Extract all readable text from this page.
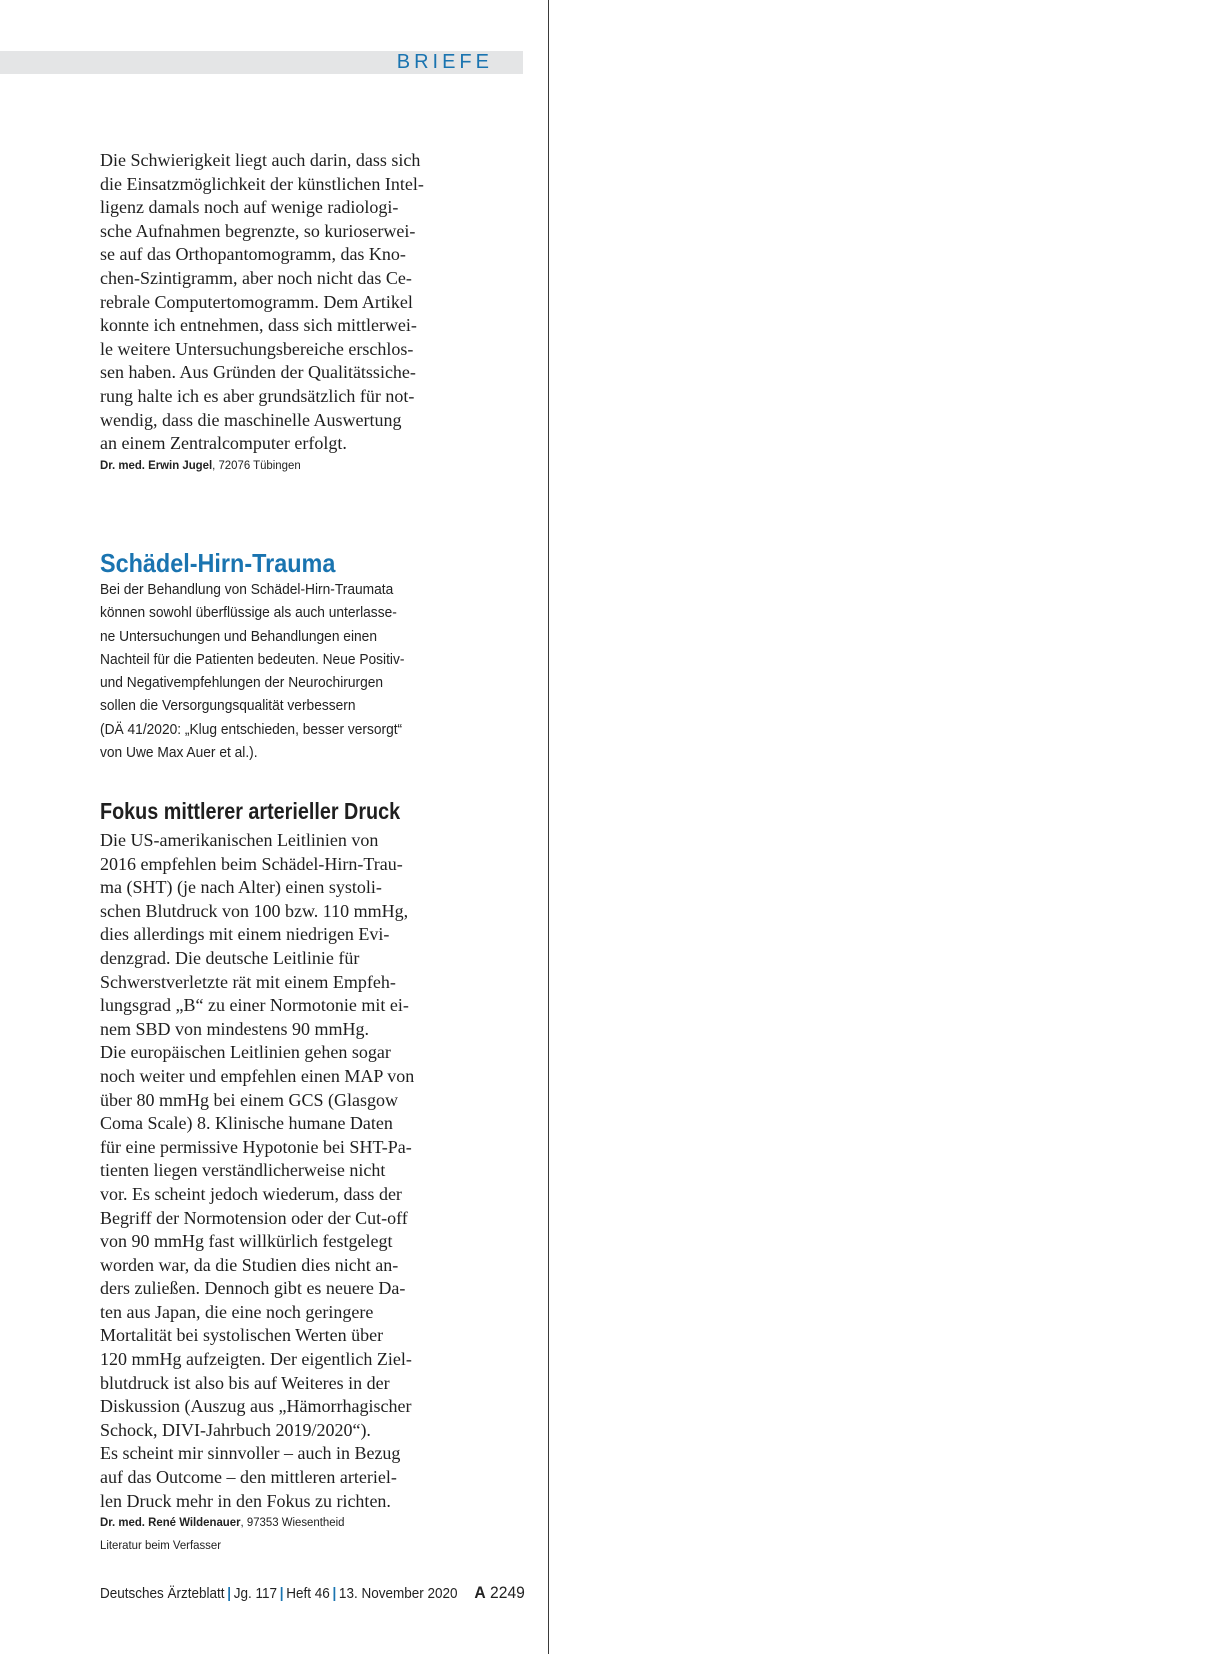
BRIEFE
Die Schwierigkeit liegt auch darin, dass sich
die Einsatzmöglichkeit der künstlichen Intel-
ligenz damals noch auf wenige radiologi-
sche Aufnahmen begrenzte, so kurioserwei-
se auf das Orthopantomogramm, das Kno-
chen-Szintigramm, aber noch nicht das Ce-
rebrale Computertomogramm. Dem Artikel
konnte ich entnehmen, dass sich mittlerwei-
le weitere Untersuchungsbereiche erschlos-
sen haben. Aus Gründen der Qualitätssiche-
rung halte ich es aber grundsätzlich für not-
wendig, dass die maschinelle Auswertung
an einem Zentralcomputer erfolgt.
Dr. med. Erwin Jugel, 72076 Tübingen
Schädel-Hirn-Trauma
Bei der Behandlung von Schädel-Hirn-Traumata
können sowohl überflüssige als auch unterlasse-
ne Untersuchungen und Behandlungen einen
Nachteil für die Patienten bedeuten. Neue Positiv-
und Negativempfehlungen der Neurochirurgen
sollen die Versorgungsqualität verbessern
(DÄ 41/2020: „Klug entschieden, besser versorgt“
von Uwe Max Auer et al.).
Fokus mittlerer arterieller Druck
Die US-amerikanischen Leitlinien von
2016 empfehlen beim Schädel-Hirn-Trau-
ma (SHT) (je nach Alter) einen systoli-
schen Blutdruck von 100 bzw. 110 mmHg,
dies allerdings mit einem niedrigen Evi-
denzgrad. Die deutsche Leitlinie für
Schwerstverletzte rät mit einem Empfeh-
lungsgrad „B“ zu einer Normotonie mit ei-
nem SBD von mindestens 90 mmHg.
Die europäischen Leitlinien gehen sogar
noch weiter und empfehlen einen MAP von
über 80 mmHg bei einem GCS (Glasgow
Coma Scale) 8. Klinische humane Daten
für eine permissive Hypotonie bei SHT-Pa-
tienten liegen verständlicherweise nicht
vor. Es scheint jedoch wiederum, dass der
Begriff der Normotension oder der Cut-off
von 90 mmHg fast willkürlich festgelegt
worden war, da die Studien dies nicht an-
ders zuließen. Dennoch gibt es neuere Da-
ten aus Japan, die eine noch geringere
Mortalität bei systolischen Werten über
120 mmHg aufzeigten. Der eigentlich Ziel-
blutdruck ist also bis auf Weiteres in der
Diskussion (Auszug aus „Hämorrhagischer
Schock, DIVI-Jahrbuch 2019/2020“).
Es scheint mir sinnvoller – auch in Bezug
auf das Outcome – den mittleren arteriel-
len Druck mehr in den Fokus zu richten.
Dr. med. René Wildenauer, 97353 Wiesentheid
Literatur beim Verfasser
Deutsches Ärzteblatt | Jg. 117 | Heft 46 | 13. November 2020 A 2249
